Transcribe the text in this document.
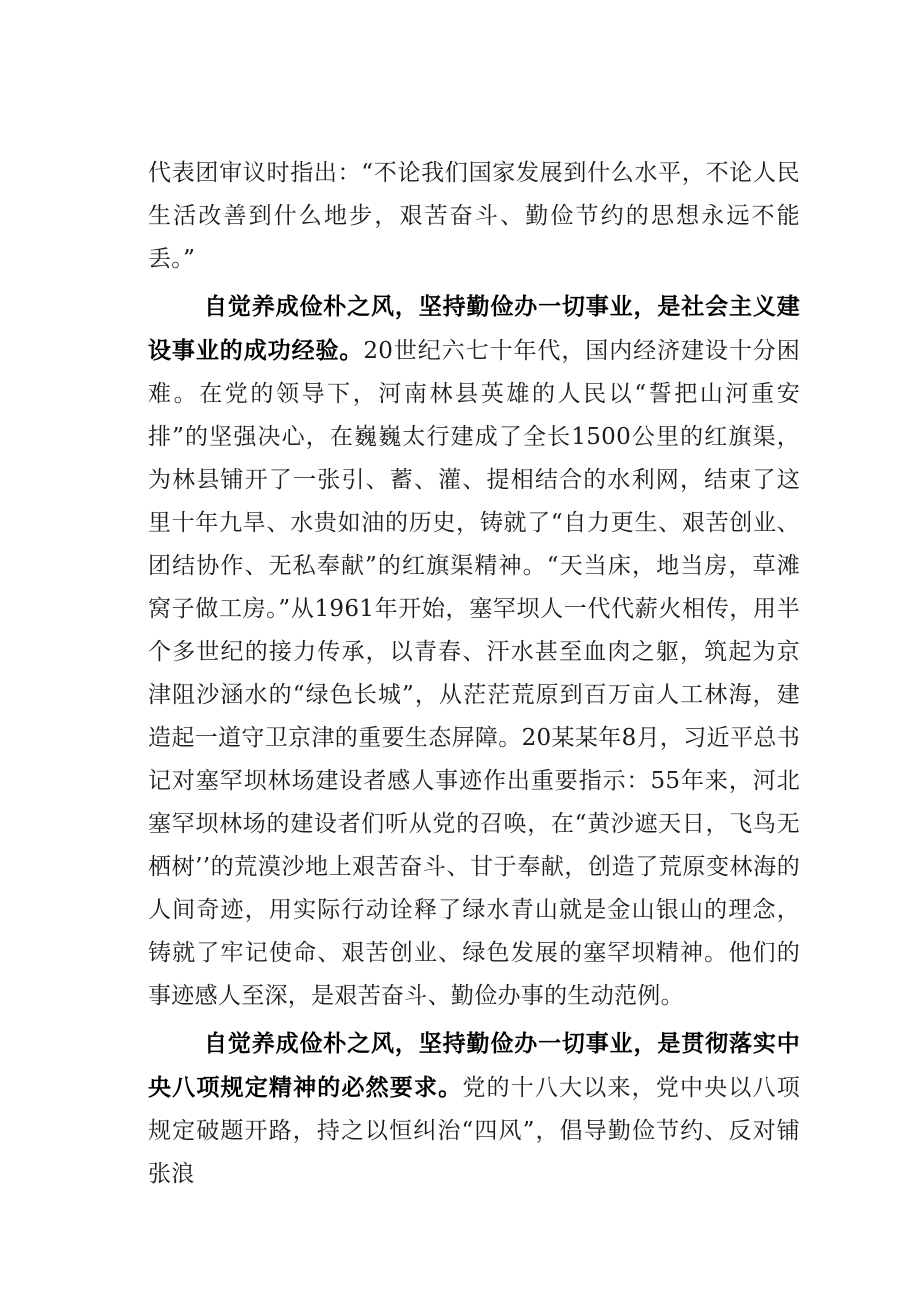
代表团审议时指出：“不论我们国家发展到什么水平，不论人民生活改善到什么地步，艰苦奋斗、勤俭节约的思想永远不能丢。”

自觉养成俭朴之风，坚持勤俭办一切事业，是社会主义建设事业的成功经验。20世纪六七十年代，国内经济建设十分困难。在党的领导下，河南林县英雄的人民以“誓把山河重安排”的坚强决心，在巍巍太行建成了全长1500公里的红旗渠，为林县铺开了一张引、蓄、灌、提相结合的水利网，结束了这里十年九旱、水贵如油的历史，铸就了“自力更生、艰苦创业、团结协作、无私奉献”的红旗渠精神。“天当床，地当房，草滩窝子做工房。”从1961年开始，塞罕坝人一代代薪火相传，用半个多世纪的接力传承，以青春、汗水甚至血肉之躯，筑起为京津阻沙涵水的“绿色长城”，从茫茫荒原到百万亩人工林海，建造起一道守卫京津的重要生态屏障。20某某年8月，习近平总书记对塞罕坝林场建设者感人事迹作出重要指示：55年来，河北塞罕坝林场的建设者们听从党的召唤，在“黄沙遮天日，飞鸟无栖树’’的荒漠沙地上艰苦奋斗、甘于奉献，创造了荒原变林海的人间奇迹，用实际行动诠释了绿水青山就是金山银山的理念，铸就了牢记使命、艰苦创业、绿色发展的塞罕坝精神。他们的事迹感人至深，是艰苦奋斗、勤俭办事的生动范例。

自觉养成俭朴之风，坚持勤俭办一切事业，是贯彻落实中央八项规定精神的必然要求。党的十八大以来，党中央以八项规定破题开路，持之以恒纠治“四风”，倡导勤俭节约、反对铺张浪
